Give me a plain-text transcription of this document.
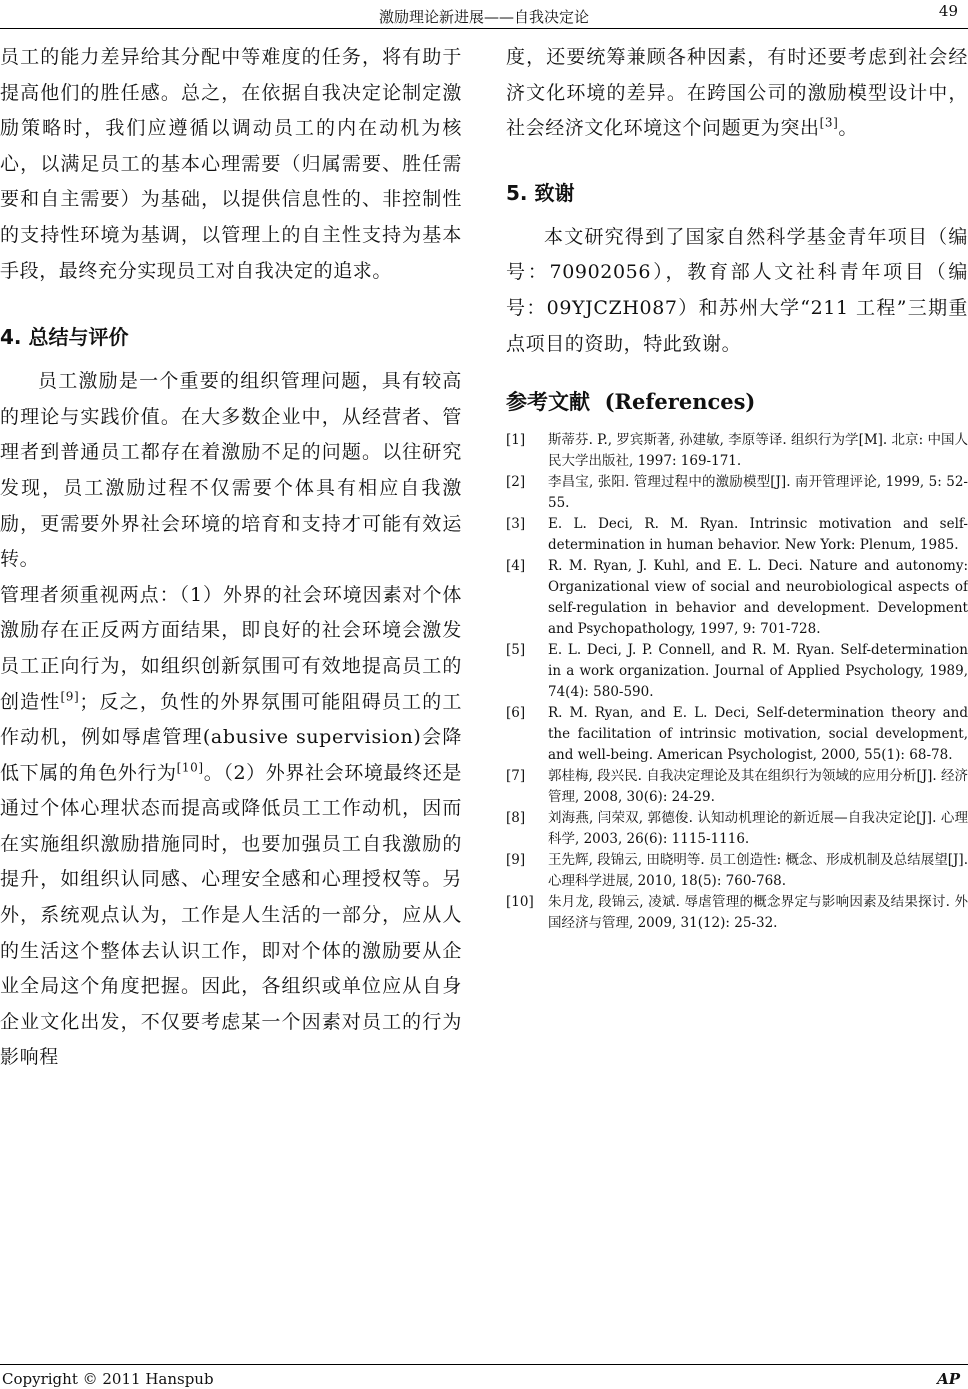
激励理论新进展——自我决定论	49

员工的能力差异给其分配中等难度的任务，将有助于提高他们的胜任感。总之，在依据自我决定论制定激励策略时，我们应遵循以调动员工的内在动机为核心，以满足员工的基本心理需要（归属需要、胜任需要和自主需要）为基础，以提供信息性的、非控制性的支持性环境为基调，以管理上的自主性支持为基本手段，最终充分实现员工对自我决定的追求。

4. 总结与评价

员工激励是一个重要的组织管理问题，具有较高的理论与实践价值。在大多数企业中，从经营者、管理者到普通员工都存在着激励不足的问题。以往研究发现，员工激励过程不仅需要个体具有相应自我激励，更需要外界社会环境的培育和支持才可能有效运转。

管理者须重视两点：（1）外界的社会环境因素对个体激励存在正反两方面结果，即良好的社会环境会激发员工正向行为，如组织创新氛围可有效地提高员工的创造性[9]；反之，负性的外界氛围可能阻碍员工的工作动机，例如辱虐管理(abusive supervision)会降低下属的角色外行为[10]。（2）外界社会环境最终还是通过个体心理状态而提高或降低员工工作动机，因而在实施组织激励措施同时，也要加强员工自我激励的提升，如组织认同感、心理安全感和心理授权等。另外，系统观点认为，工作是人生活的一部分，应从人的生活这个整体去认识工作，即对个体的激励要从企业全局这个角度把握。因此，各组织或单位应从自身企业文化出发，不仅要考虑某一个因素对员工的行为影响程

度，还要统筹兼顾各种因素，有时还要考虑到社会经济文化环境的差异。在跨国公司的激励模型设计中，社会经济文化环境这个问题更为突出[3]。

5. 致谢

本文研究得到了国家自然科学基金青年项目（编号：70902056），教育部人文社科青年项目（编号：09YJCZH087）和苏州大学“211 工程”三期重点项目的资助，特此致谢。

参考文献 (References)
[1] 斯蒂芬. P., 罗宾斯著, 孙建敏, 李原等译. 组织行为学[M]. 北京: 中国人民大学出版社, 1997: 169-171.
[2] 李昌宝, 张阳. 管理过程中的激励模型[J]. 南开管理评论, 1999, 5: 52-55.
[3] E. L. Deci, R. M. Ryan. Intrinsic motivation and self-determination in human behavior. New York: Plenum, 1985.
[4] R. M. Ryan, J. Kuhl, and E. L. Deci. Nature and autonomy: Organizational view of social and neurobiological aspects of self-regulation in behavior and development. Development and Psychopathology, 1997, 9: 701-728.
[5] E. L. Deci, J. P. Connell, and R. M. Ryan. Self-determination in a work organization. Journal of Applied Psychology, 1989, 74(4): 580-590.
[6] R. M. Ryan, and E. L. Deci, Self-determination theory and the facilitation of intrinsic motivation, social development, and well-being. American Psychologist, 2000, 55(1): 68-78.
[7] 郭桂梅, 段兴民. 自我决定理论及其在组织行为领域的应用分析[J]. 经济管理, 2008, 30(6): 24-29.
[8] 刘海燕, 闫荣双, 郭德俊. 认知动机理论的新近展—自我决定论[J]. 心理科学, 2003, 26(6): 1115-1116.
[9] 王先辉, 段锦云, 田晓明等. 员工创造性: 概念、形成机制及总结展望[J]. 心理科学进展, 2010, 18(5): 760-768.
[10] 朱月龙, 段锦云, 凌斌. 辱虐管理的概念界定与影响因素及结果探讨. 外国经济与管理, 2009, 31(12): 25-32.
Copyright © 2011 Hanspub	AP
